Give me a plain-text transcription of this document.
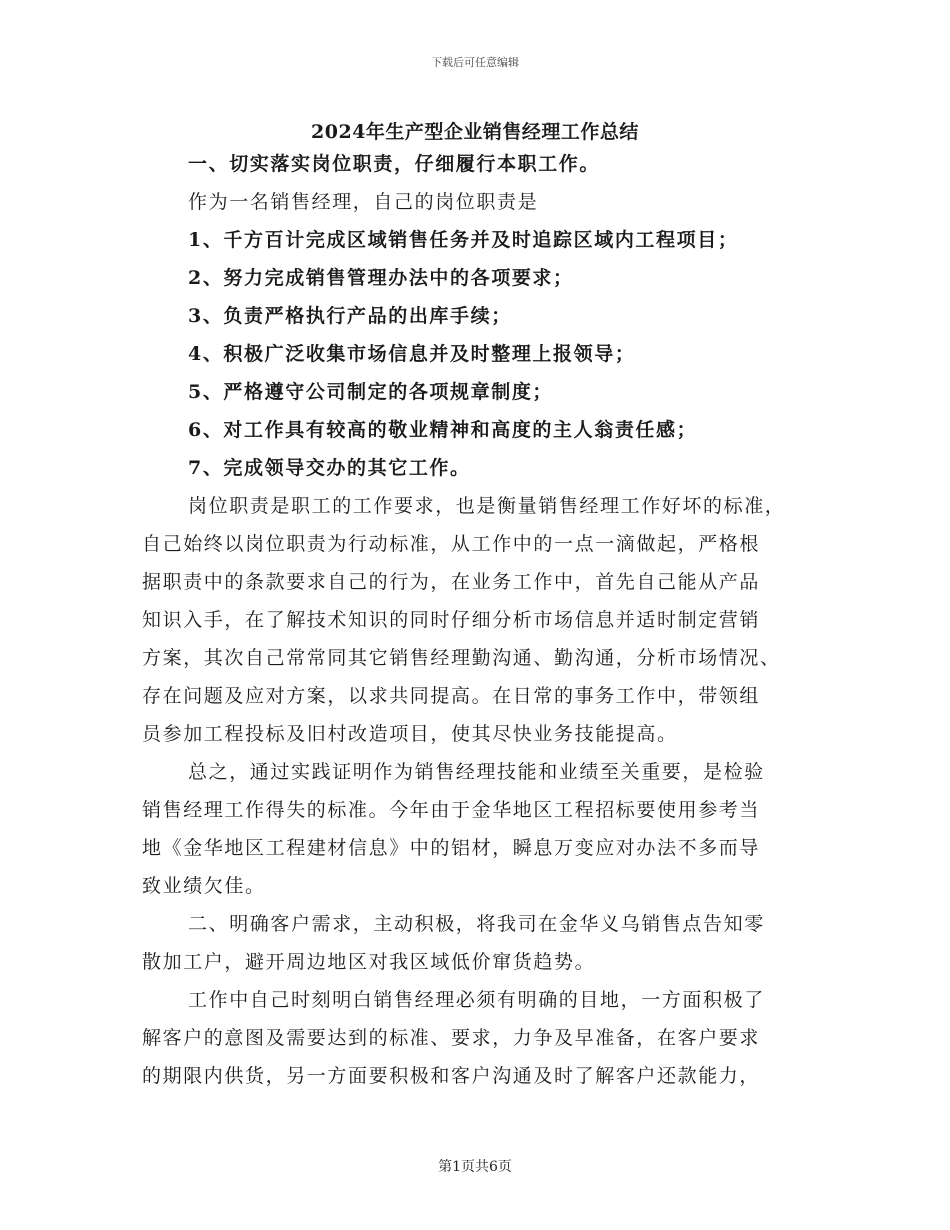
下载后可任意编辑
2024年生产型企业销售经理工作总结
一、切实落实岗位职责，仔细履行本职工作。
作为一名销售经理，自己的岗位职责是
1、千方百计完成区域销售任务并及时追踪区域内工程项目；
2、努力完成销售管理办法中的各项要求；
3、负责严格执行产品的出库手续；
4、积极广泛收集市场信息并及时整理上报领导；
5、严格遵守公司制定的各项规章制度；
6、对工作具有较高的敬业精神和高度的主人翁责任感；
7、完成领导交办的其它工作。
岗位职责是职工的工作要求，也是衡量销售经理工作好坏的标准，
自己始终以岗位职责为行动标准，从工作中的一点一滴做起，严格根
据职责中的条款要求自己的行为，在业务工作中，首先自己能从产品
知识入手，在了解技术知识的同时仔细分析市场信息并适时制定营销
方案，其次自己常常同其它销售经理勤沟通、勤沟通，分析市场情况、
存在问题及应对方案，以求共同提高。在日常的事务工作中，带领组
员参加工程投标及旧村改造项目，使其尽快业务技能提高。
总之，通过实践证明作为销售经理技能和业绩至关重要，是检验
销售经理工作得失的标准。今年由于金华地区工程招标要使用参考当
地《金华地区工程建材信息》中的铝材，瞬息万变应对办法不多而导
致业绩欠佳。
二、明确客户需求，主动积极，将我司在金华义乌销售点告知零
散加工户，避开周边地区对我区域低价窜货趋势。
工作中自己时刻明白销售经理必须有明确的目地，一方面积极了
解客户的意图及需要达到的标准、要求，力争及早准备，在客户要求
的期限内供货，另一方面要积极和客户沟通及时了解客户还款能力，
第1页共6页
